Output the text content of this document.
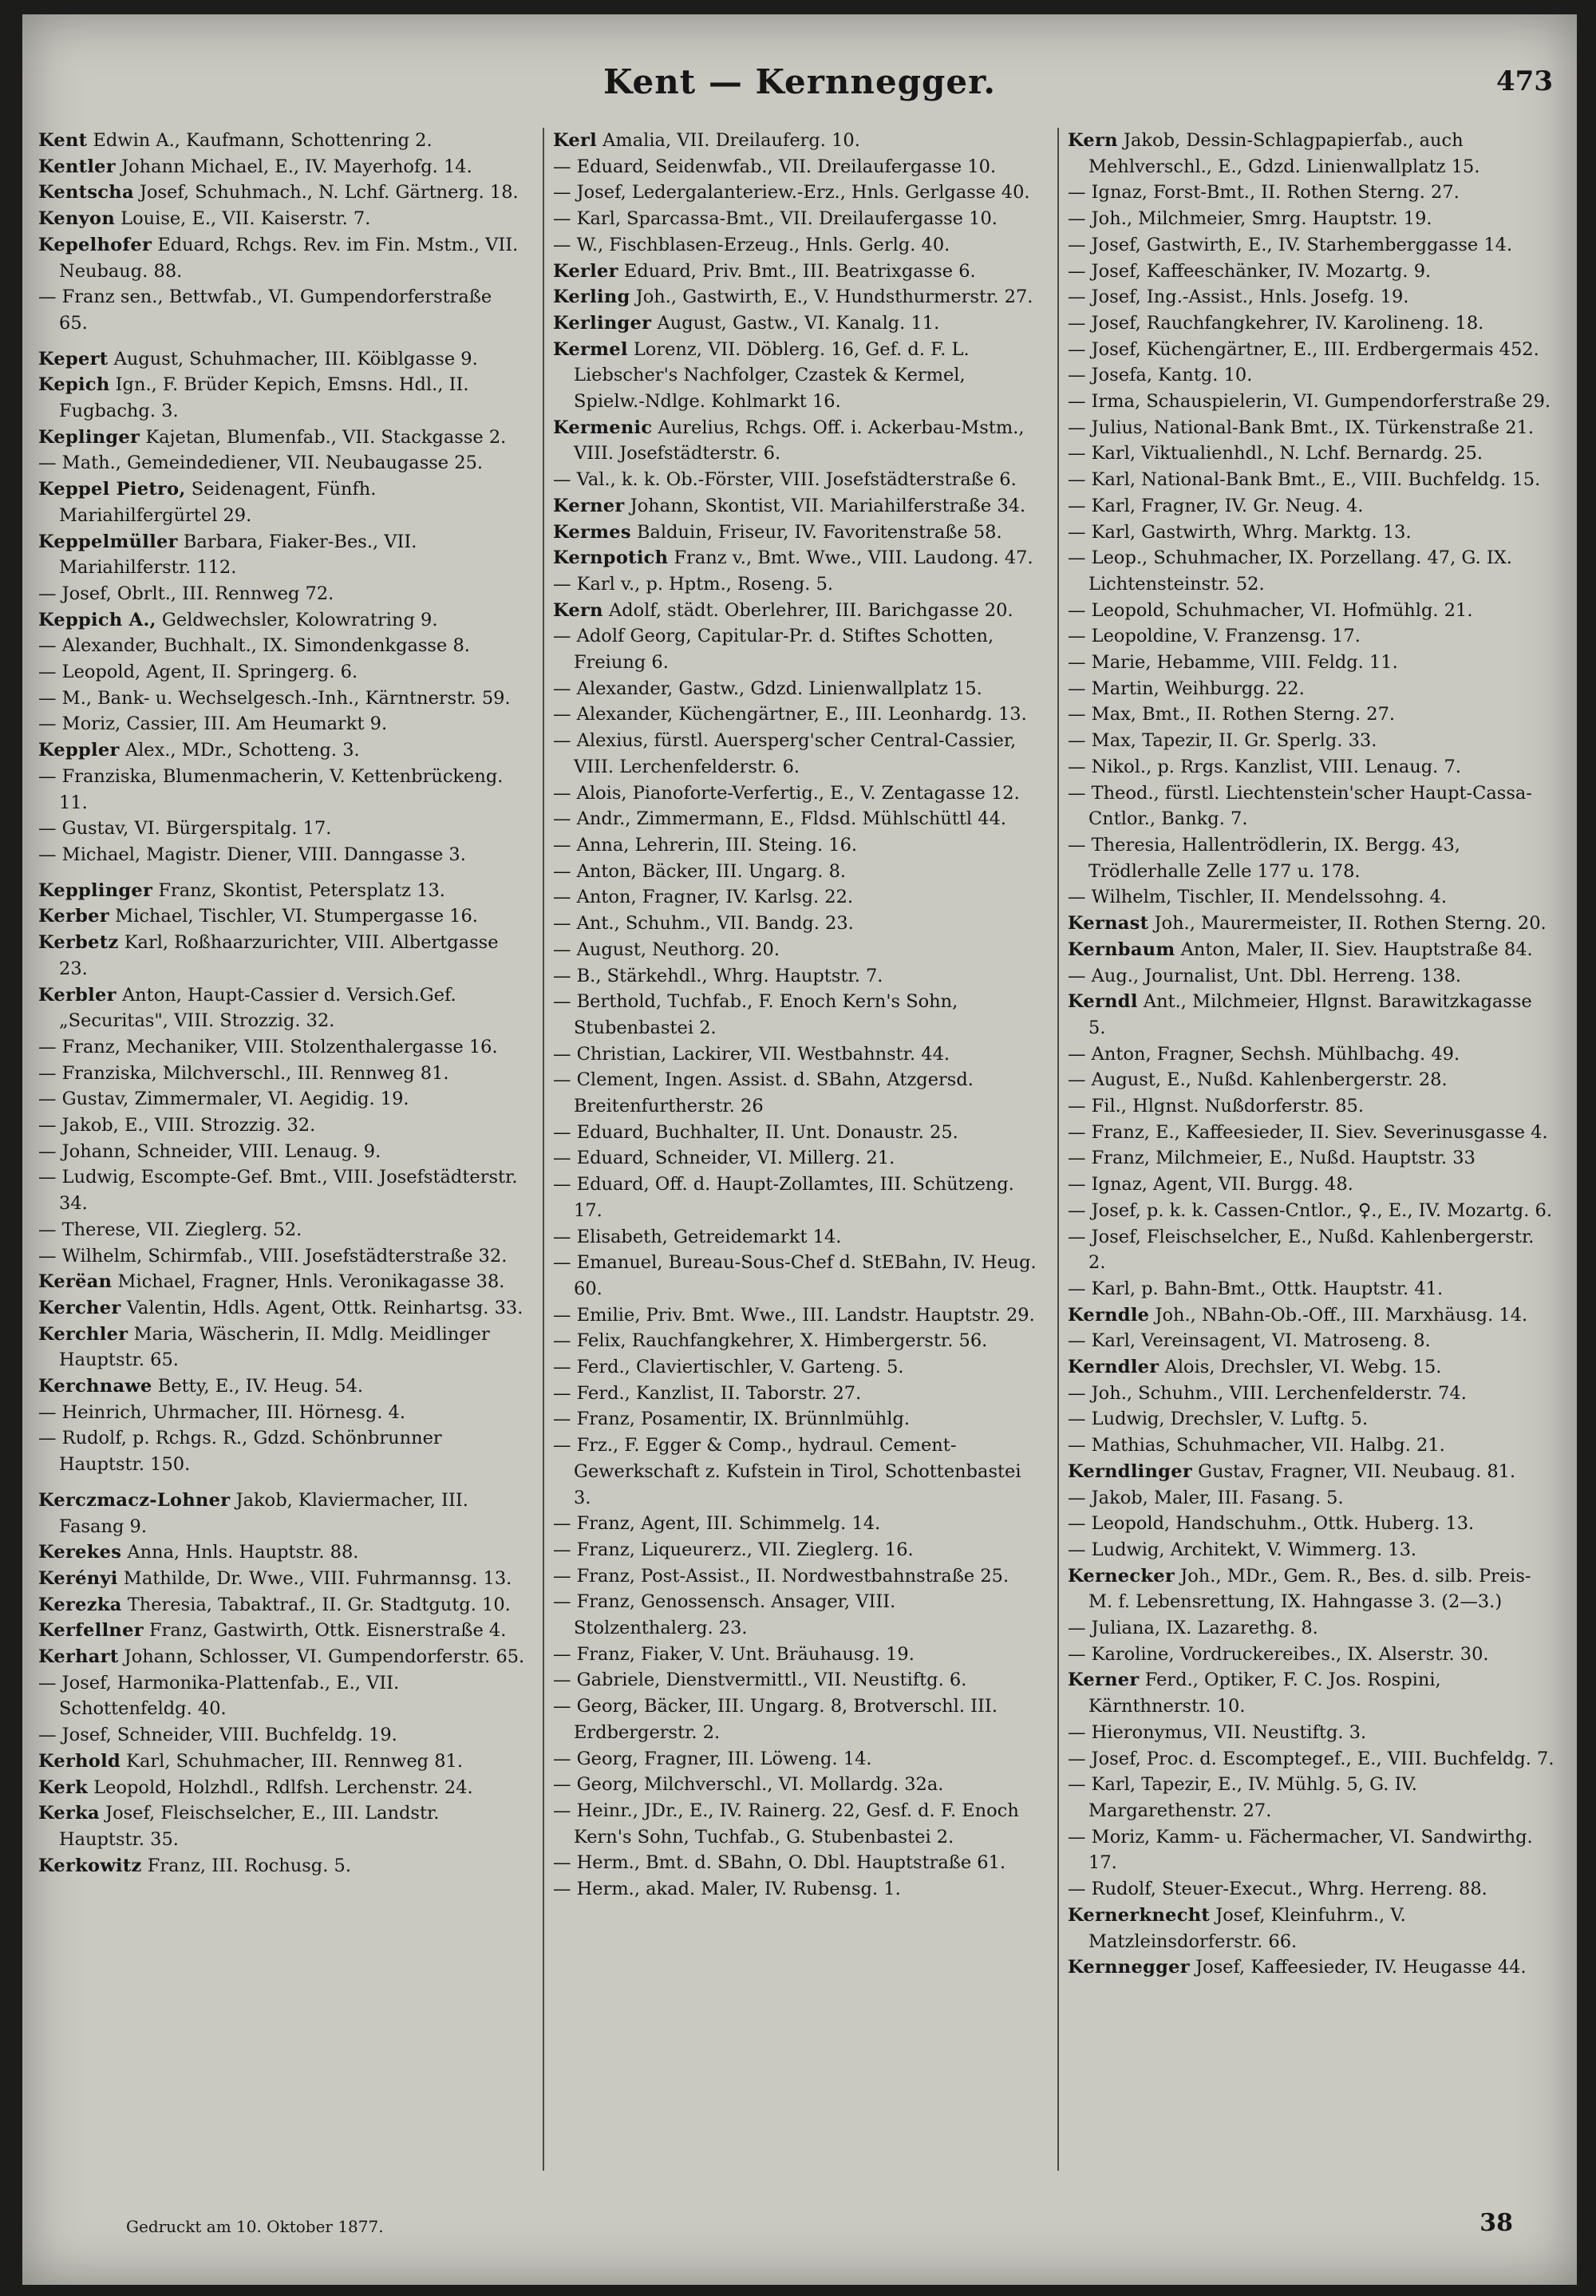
Kent — Kernnegger.	473

Kent Edwin A., Kaufmann, Schottenring 2.

Kentler Johann Michael, E., IV. Mayerhofg. 14.

Kentscha Josef, Schuhmach., N. Lchf. Gärtnerg. 18.

Kenyon Louise, E., VII. Kaiserstr. 7.

Kepelhofer Eduard, Rchgs. Rev. im Fin. Mstm., VII. Neubaug. 88.

— Franz sen., Bettwfab., VI. Gumpendorferstraße 65.

Kepert August, Schuhmacher, III. Köiblgasse 9.

Kepich Ign., F. Brüder Kepich, Emsns. Hdl., II. Fugbachg. 3.

Keplinger Kajetan, Blumenfab., VII. Stackgasse 2.

— Math., Gemeindediener, VII. Neubaugasse 25.

Keppel Pietro, Seidenagent, Fünfh. Mariahilfergürtel 29.

Keppelmüller Barbara, Fiaker-Bes., VII. Mariahilferstr. 112.

— Josef, Obrlt., III. Rennweg 72.

Keppich A., Geldwechsler, Kolowratring 9.

— Alexander, Buchhalt., IX. Simondenkgasse 8.

— Leopold, Agent, II. Springerg. 6.

— M., Bank- u. Wechselgesch.-Inh., Kärntnerstr. 59.

— Moriz, Cassier, III. Am Heumarkt 9.

Keppler Alex., MDr., Schotteng. 3.

— Franziska, Blumenmacherin, V. Kettenbrückeng. 11.

— Gustav, VI. Bürgerspitalg. 17.

— Michael, Magistr. Diener, VIII. Danngasse 3.

Kepplinger Franz, Skontist, Petersplatz 13.

Kerber Michael, Tischler, VI. Stumpergasse 16.

Kerbetz Karl, Roßhaarzurichter, VIII. Albertgasse 23.

Kerbler Anton, Haupt-Cassier d. Versich.Gef. „Securitas", VIII. Strozzig. 32.

— Franz, Mechaniker, VIII. Stolzenthalergasse 16.

— Franziska, Milchverschl., III. Rennweg 81.

— Gustav, Zimmermaler, VI. Aegidig. 19.

— Jakob, E., VIII. Strozzig. 32.

— Johann, Schneider, VIII. Lenaug. 9.

— Ludwig, Escompte-Gef. Bmt., VIII. Josefstädterstr. 34.

— Therese, VII. Zieglerg. 52.

— Wilhelm, Schirmfab., VIII. Josefstädterstraße 32.

Kerëan Michael, Fragner, Hnls. Veronikagasse 38.

Kercher Valentin, Hdls. Agent, Ottk. Reinhartsg. 33.

Kerchler Maria, Wäscherin, II. Mdlg. Meidlinger Hauptstr. 65.

Kerchnawe Betty, E., IV. Heug. 54.

— Heinrich, Uhrmacher, III. Hörnesg. 4.

— Rudolf, p. Rchgs. R., Gdzd. Schönbrunner Hauptstr. 150.

Kerczmacz-Lohner Jakob, Klaviermacher, III. Fasang 9.

Kerekes Anna, Hnls. Hauptstr. 88.

Kerényi Mathilde, Dr. Wwe., VIII. Fuhrmannsg. 13.

Kerezka Theresia, Tabaktraf., II. Gr. Stadtgutg. 10.

Kerfellner Franz, Gastwirth, Ottk. Eisnerstraße 4.

Kerhart Johann, Schlosser, VI. Gumpendorferstr. 65.

— Josef, Harmonika-Plattenfab., E., VII. Schottenfeldg. 40.

— Josef, Schneider, VIII. Buchfeldg. 19.

Kerhold Karl, Schuhmacher, III. Rennweg 81.

Kerk Leopold, Holzhdl., Rdlfsh. Lerchenstr. 24.

Kerka Josef, Fleischselcher, E., III. Landstr. Hauptstr. 35.

Kerkowitz Franz, III. Rochusg. 5.

Kerl Amalia, VII. Dreilauferg. 10.

— Eduard, Seidenwfab., VII. Dreilaufergasse 10.

— Josef, Ledergalanteriew.-Erz., Hnls. Gerlgasse 40.

— Karl, Sparcassa-Bmt., VII. Dreilaufergasse 10.

— W., Fischblasen-Erzeug., Hnls. Gerlg. 40.

Kerler Eduard, Priv. Bmt., III. Beatrixgasse 6.

Kerling Joh., Gastwirth, E., V. Hundsthurmerstr. 27.

Kerlinger August, Gastw., VI. Kanalg. 11.

Kermel Lorenz, VII. Döblerg. 16, Gef. d. F. L. Liebscher's Nachfolger, Czastek & Kermel, Spielw.-Ndlge. Kohlmarkt 16.

Kermenic Aurelius, Rchgs. Off. i. Ackerbau-Mstm., VIII. Josefstädterstr. 6.

— Val., k. k. Ob.-Förster, VIII. Josefstädterstraße 6.

Kerner Johann, Skontist, VII. Mariahilferstraße 34.

Kermes Balduin, Friseur, IV. Favoritenstraße 58.

Kernpotich Franz v., Bmt. Wwe., VIII. Laudong. 47.

— Karl v., p. Hptm., Roseng. 5.

Kern Adolf, städt. Oberlehrer, III. Barichgasse 20.

— Adolf Georg, Capitular-Pr. d. Stiftes Schotten, Freiung 6.

— Alexander, Gastw., Gdzd. Linienwallplatz 15.

— Alexander, Küchengärtner, E., III. Leonhardg. 13.

— Alexius, fürstl. Auersperg'scher Central-Cassier, VIII. Lerchenfelderstr. 6.

— Alois, Pianoforte-Verfertig., E., V. Zentagasse 12.

— Andr., Zimmermann, E., Fldsd. Mühlschüttl 44.

— Anna, Lehrerin, III. Steing. 16.

— Anton, Bäcker, III. Ungarg. 8.

— Anton, Fragner, IV. Karlsg. 22.

— Ant., Schuhm., VII. Bandg. 23.

— August, Neuthorg. 20.

— B., Stärkehdl., Whrg. Hauptstr. 7.

— Berthold, Tuchfab., F. Enoch Kern's Sohn, Stubenbastei 2.

— Christian, Lackirer, VII. Westbahnstr. 44.

— Clement, Ingen. Assist. d. SBahn, Atzgersd. Breitenfurtherstr. 26

— Eduard, Buchhalter, II. Unt. Donaustr. 25.

— Eduard, Schneider, VI. Millerg. 21.

— Eduard, Off. d. Haupt-Zollamtes, III. Schützeng. 17.

— Elisabeth, Getreidemarkt 14.

— Emanuel, Bureau-Sous-Chef d. StEBahn, IV. Heug. 60.

— Emilie, Priv. Bmt. Wwe., III. Landstr. Hauptstr. 29.

— Felix, Rauchfangkehrer, X. Himbergerstr. 56.

— Ferd., Claviertischler, V. Garteng. 5.

— Ferd., Kanzlist, II. Taborstr. 27.

— Franz, Posamentir, IX. Brünnlmühlg.

— Frz., F. Egger & Comp., hydraul. Cement-Gewerkschaft z. Kufstein in Tirol, Schottenbastei 3.

— Franz, Agent, III. Schimmelg. 14.

— Franz, Liqueurerz., VII. Zieglerg. 16.

— Franz, Post-Assist., II. Nordwestbahnstraße 25.

— Franz, Genossensch. Ansager, VIII. Stolzenthalerg. 23.

— Franz, Fiaker, V. Unt. Bräuhausg. 19.

— Gabriele, Dienstvermittl., VII. Neustiftg. 6.

— Georg, Bäcker, III. Ungarg. 8, Brotverschl. III. Erdbergerstr. 2.

— Georg, Fragner, III. Löweng. 14.

— Georg, Milchverschl., VI. Mollardg. 32a.

— Heinr., JDr., E., IV. Rainerg. 22, Gesf. d. F. Enoch Kern's Sohn, Tuchfab., G. Stubenbastei 2.

— Herm., Bmt. d. SBahn, O. Dbl. Hauptstraße 61.

— Herm., akad. Maler, IV. Rubensg. 1.

Kern Jakob, Dessin-Schlagpapierfab., auch Mehlverschl., E., Gdzd. Linienwallplatz 15.

— Ignaz, Forst-Bmt., II. Rothen Sterng. 27.

— Joh., Milchmeier, Smrg. Hauptstr. 19.

— Josef, Gastwirth, E., IV. Starhemberggasse 14.

— Josef, Kaffeeschänker, IV. Mozartg. 9.

— Josef, Ing.-Assist., Hnls. Josefg. 19.

— Josef, Rauchfangkehrer, IV. Karolineng. 18.

— Josef, Küchengärtner, E., III. Erdbergermais 452.

— Josefa, Kantg. 10.

— Irma, Schauspielerin, VI. Gumpendorferstraße 29.

— Julius, National-Bank Bmt., IX. Türkenstraße 21.

— Karl, Viktualienhdl., N. Lchf. Bernardg. 25.

— Karl, National-Bank Bmt., E., VIII. Buchfeldg. 15.

— Karl, Fragner, IV. Gr. Neug. 4.

— Karl, Gastwirth, Whrg. Marktg. 13.

— Leop., Schuhmacher, IX. Porzellang. 47, G. IX. Lichtensteinstr. 52.

— Leopold, Schuhmacher, VI. Hofmühlg. 21.

— Leopoldine, V. Franzensg. 17.

— Marie, Hebamme, VIII. Feldg. 11.

— Martin, Weihburgg. 22.

— Max, Bmt., II. Rothen Sterng. 27.

— Max, Tapezir, II. Gr. Sperlg. 33.

— Nikol., p. Rrgs. Kanzlist, VIII. Lenaug. 7.

— Theod., fürstl. Liechtenstein'scher Haupt-Cassa-Cntlor., Bankg. 7.

— Theresia, Hallentrödlerin, IX. Bergg. 43, Trödlerhalle Zelle 177 u. 178.

— Wilhelm, Tischler, II. Mendelssohng. 4.

Kernast Joh., Maurermeister, II. Rothen Sterng. 20.

Kernbaum Anton, Maler, II. Siev. Hauptstraße 84.

— Aug., Journalist, Unt. Dbl. Herreng. 138.

Kerndl Ant., Milchmeier, Hlgnst. Barawitzkagasse 5.

— Anton, Fragner, Sechsh. Mühlbachg. 49.

— August, E., Nußd. Kahlenbergerstr. 28.

— Fil., Hlgnst. Nußdorferstr. 85.

— Franz, E., Kaffeesieder, II. Siev. Severinusgasse 4.

— Franz, Milchmeier, E., Nußd. Hauptstr. 33

— Ignaz, Agent, VII. Burgg. 48.

— Josef, p. k. k. Cassen-Cntlor., ♀., E., IV. Mozartg. 6.

— Josef, Fleischselcher, E., Nußd. Kahlenbergerstr. 2.

— Karl, p. Bahn-Bmt., Ottk. Hauptstr. 41.

Kerndle Joh., NBahn-Ob.-Off., III. Marxhäusg. 14.

— Karl, Vereinsagent, VI. Matroseng. 8.

Kerndler Alois, Drechsler, VI. Webg. 15.

— Joh., Schuhm., VIII. Lerchenfelderstr. 74.

— Ludwig, Drechsler, V. Luftg. 5.

— Mathias, Schuhmacher, VII. Halbg. 21.

Kerndlinger Gustav, Fragner, VII. Neubaug. 81.

— Jakob, Maler, III. Fasang. 5.

— Leopold, Handschuhm., Ottk. Huberg. 13.

— Ludwig, Architekt, V. Wimmerg. 13.

Kernecker Joh., MDr., Gem. R., Bes. d. silb. Preis-M. f. Lebensrettung, IX. Hahngasse 3. (2—3.)

— Juliana, IX. Lazarethg. 8.

— Karoline, Vordruckereibes., IX. Alserstr. 30.

Kerner Ferd., Optiker, F. C. Jos. Rospini, Kärnthnerstr. 10.

— Hieronymus, VII. Neustiftg. 3.

— Josef, Proc. d. Escomptegef., E., VIII. Buchfeldg. 7.

— Karl, Tapezir, E., IV. Mühlg. 5, G. IV. Margarethenstr. 27.

— Moriz, Kamm- u. Fächermacher, VI. Sandwirthg. 17.

— Rudolf, Steuer-Execut., Whrg. Herreng. 88.

Kernerknecht Josef, Kleinfuhrm., V. Matzleinsdorferstr. 66.

Kernnegger Josef, Kaffeesieder, IV. Heugasse 44.

Gedruckt am 10. Oktober 1877.	38
